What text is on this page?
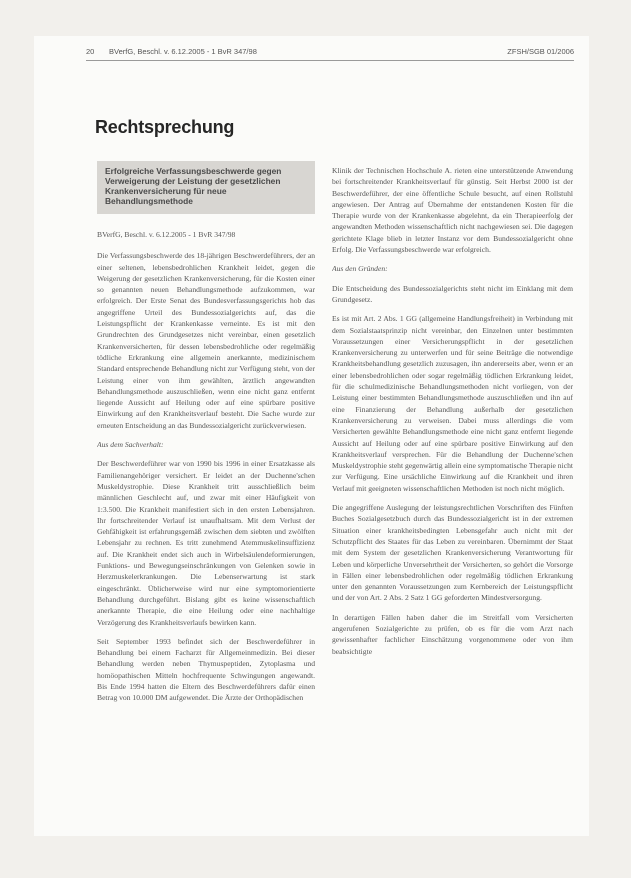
20 BVerfG, Beschl. v. 6.12.2005 - 1 BvR 347/98	ZFSH/SGB 01/2006
Rechtsprechung
Erfolgreiche Verfassungsbeschwerde gegen Verweigerung der Leistung der gesetzlichen Krankenversicherung für neue Behandlungsmethode

BVerfG, Beschl. v. 6.12.2005 - 1 BvR 347/98

Die Verfassungsbeschwerde des 18-jährigen Beschwerdeführers, der an einer seltenen, lebensbedrohlichen Krankheit leidet, gegen die Weigerung der gesetzlichen Krankenversicherung, für die Kosten einer so genannten neuen Behandlungsmethode aufzukommen, war erfolgreich. Der Erste Senat des Bundesverfassungsgerichts hob das angegriffene Urteil des Bundessozialgerichts auf, das die Leistungspflicht der Krankenkasse verneinte. Es ist mit den Grundrechten des Grundgesetzes nicht vereinbar, einen gesetzlich Krankenversicherten, für dessen lebensbedrohliche oder regelmäßig tödliche Erkrankung eine allgemein anerkannte, medizinischem Standard entsprechende Behandlung nicht zur Verfügung steht, von der Leistung einer von ihm gewählten, ärztlich angewandten Behandlungsmethode auszuschließen, wenn eine nicht ganz entfernt liegende Aussicht auf Heilung oder auf eine spürbare positive Einwirkung auf den Krankheitsverlauf besteht. Die Sache wurde zur erneuten Entscheidung an das Bundessozialgericht zurückverwiesen.

Aus dem Sachverhalt:

Der Beschwerdeführer war von 1990 bis 1996 in einer Ersatzkasse als Familienangehöriger versichert. Er leidet an der Duchenne'schen Muskeldystrophie. Diese Krankheit tritt ausschließlich beim männlichen Geschlecht auf, und zwar mit einer Häufigkeit von 1:3.500. Die Krankheit manifestiert sich in den ersten Lebensjahren. Ihr fortschreitender Verlauf ist unaufhaltsam. Mit dem Verlust der Gehfähigkeit ist erfahrungsgemäß zwischen dem siebten und zwölften Lebensjahr zu rechnen. Es tritt zunehmend Atemmuskelinsuffizienz auf. Die Krankheit endet sich auch in Wirbelsäulendeformierungen, Funktions- und Bewegungseinschränkungen von Gelenken sowie in Herzmuskelerkrankungen. Die Lebenserwartung ist stark eingeschränkt. Üblicherweise wird nur eine symptomorientierte Behandlung durchgeführt. Bislang gibt es keine wissenschaftlich anerkannte Therapie, die eine Heilung oder eine nachhaltige Verzögerung des Krankheitsverlaufs bewirken kann.

Seit September 1993 befindet sich der Beschwerdeführer in Behandlung bei einem Facharzt für Allgemeinmedizin. Bei dieser Behandlung werden neben Thymuspeptiden, Zytoplasma und homöopathischen Mitteln hochfrequente Schwingungen angewandt. Bis Ende 1994 hatten die Eltern des Beschwerdeführers dafür einen Betrag von 10.000 DM aufgewendet. Die Ärzte der Orthopädischen

Klinik der Technischen Hochschule A. rieten eine unterstützende Anwendung bei fortschreitender Krankheitsverlauf für günstig. Seit Herbst 2000 ist der Beschwerdeführer, der eine öffentliche Schule besucht, auf einen Rollstuhl angewiesen. Der Antrag auf Übernahme der entstandenen Kosten für die Therapie wurde von der Krankenkasse abgelehnt, da ein Therapieerfolg der angewandten Methoden wissenschaftlich nicht nachgewiesen sei. Die dagegen gerichtete Klage blieb in letzter Instanz vor dem Bundessozialgericht ohne Erfolg. Die Verfassungsbeschwerde war erfolgreich.

Aus den Gründen:

Die Entscheidung des Bundessozialgerichts steht nicht im Einklang mit dem Grundgesetz.

Es ist mit Art. 2 Abs. 1 GG (allgemeine Handlungsfreiheit) in Verbindung mit dem Sozialstaatsprinzip nicht vereinbar, den Einzelnen unter bestimmten Voraussetzungen einer Versicherungspflicht in der gesetzlichen Krankenversicherung zu unterwerfen und für seine Beiträge die notwendige Krankheitsbehandlung gesetzlich zuzusagen, ihn andererseits aber, wenn er an einer lebensbedrohlichen oder sogar regelmäßig tödlichen Erkrankung leidet, für die schulmedizinische Behandlungsmethoden nicht vorliegen, von der Leistung einer bestimmten Behandlungsmethode auszuschließen und ihn auf eine Finanzierung der Behandlung außerhalb der gesetzlichen Krankenversicherung zu verweisen. Dabei muss allerdings die vom Versicherten gewählte Behandlungsmethode eine nicht ganz entfernt liegende Aussicht auf Heilung oder auf eine spürbare positive Einwirkung auf den Krankheitsverlauf versprechen. Für die Behandlung der Duchenne'schen Muskeldystrophie steht gegenwärtig allein eine symptomatische Therapie nicht zur Verfügung. Eine ursächliche Einwirkung auf die Krankheit und ihren Verlauf mit geeigneten wissenschaftlichen Methoden ist noch nicht möglich.

Die angegriffene Auslegung der leistungsrechtlichen Vorschriften des Fünften Buches Sozialgesetzbuch durch das Bundessozialgericht ist in der extremen Situation einer krankheitsbedingten Lebensgefahr auch nicht mit der Schutzpflicht des Staates für das Leben zu vereinbaren. Übernimmt der Staat mit dem System der gesetzlichen Krankenversicherung Verantwortung für Leben und körperliche Unversehrtheit der Versicherten, so gehört die Vorsorge in Fällen einer lebensbedrohlichen oder regelmäßig tödlichen Erkrankung unter den genannten Voraussetzungen zum Kernbereich der Leistungspflicht und der von Art. 2 Abs. 2 Satz 1 GG geforderten Mindestversorgung.

In derartigen Fällen haben daher die im Streitfall vom Versicherten angerufenen Sozialgerichte zu prüfen, ob es für die vom Arzt nach gewissenhafter fachlicher Einschätzung vorgenommene oder von ihm beabsichtigte
